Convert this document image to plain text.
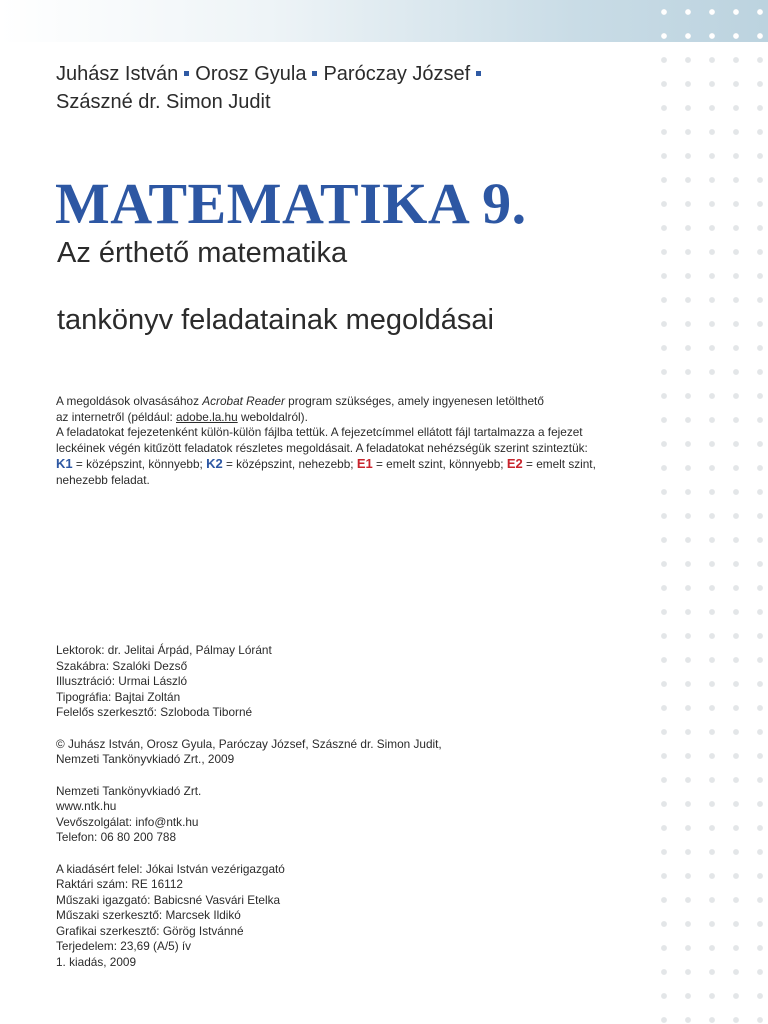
Juhász István Orosz Gyula Paróczay József
Szászné dr. Simon Judit
MATEMATIKA 9.
Az érthető matematika
tankönyv feladatainak megoldásai
A megoldások olvasásához Acrobat Reader program szükséges, amely ingyenesen letölthető
az internetről (például: adobe.la.hu weboldalról).
A feladatokat fejezetenként külön-külön fájlba tettük. A fejezetcímmel ellátott fájl tartalmazza a fejezet
leckéinek végén kitűzött feladatok részletes megoldásait. A feladatokat nehézségük szerint szinteztük:
K1 = középszint, könnyebb; K2 = középszint, nehezebb; E1 = emelt szint, könnyebb; E2 = emelt szint,
nehezebb feladat.
Lektorok: dr. Jelitai Árpád, Pálmay Lóránt
Szakábra: Szalóki Dezső
Illusztráció: Urmai László
Tipográfia: Bajtai Zoltán
Felelős szerkesztő: Szloboda Tiborné
© Juhász István, Orosz Gyula, Paróczay József, Szászné dr. Simon Judit,
Nemzeti Tankönyvkiadó Zrt., 2009
Nemzeti Tankönyvkiadó Zrt.
www.ntk.hu
Vevőszolgálat: info@ntk.hu
Telefon: 06 80 200 788
A kiadásért felel: Jókai István vezérigazgató
Raktári szám: RE 16112
Műszaki igazgató: Babicsné Vasvári Etelka
Műszaki szerkesztő: Marcsek Ildikó
Grafikai szerkesztő: Görög Istvánné
Terjedelem: 23,69 (A/5) ív
1. kiadás, 2009
